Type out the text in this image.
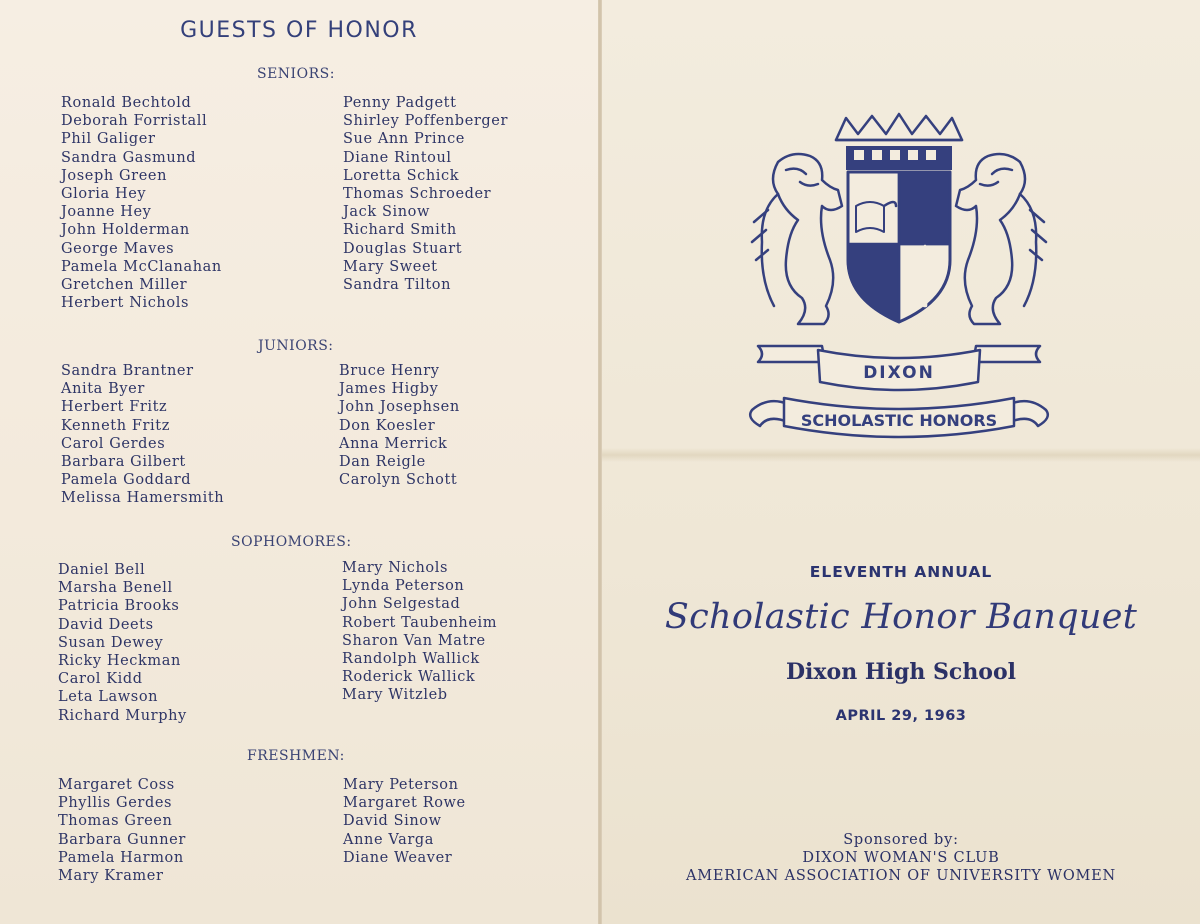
GUESTS OF HONOR
SENIORS:
Ronald Bechtold
Deborah Forristall
Phil Galiger
Sandra Gasmund
Joseph Green
Gloria Hey
Joanne Hey
John Holderman
George Maves
Pamela McClanahan
Gretchen Miller
Herbert Nichols
Penny Padgett
Shirley Poffenberger
Sue Ann Prince
Diane Rintoul
Loretta Schick
Thomas Schroeder
Jack Sinow
Richard Smith
Douglas Stuart
Mary Sweet
Sandra Tilton
JUNIORS:
Sandra Brantner
Anita Byer
Herbert Fritz
Kenneth Fritz
Carol Gerdes
Barbara Gilbert
Pamela Goddard
Melissa Hamersmith
Bruce Henry
James Higby
John Josephsen
Don Koesler
Anna Merrick
Dan Reigle
Carolyn Schott
SOPHOMORES:
Daniel Bell
Marsha Benell
Patricia Brooks
David Deets
Susan Dewey
Ricky Heckman
Carol Kidd
Leta Lawson
Richard Murphy
Mary Nichols
Lynda Peterson
John Selgestad
Robert Taubenheim
Sharon Van Matre
Randolph Wallick
Roderick Wallick
Mary Witzleb
FRESHMEN:
Margaret Coss
Phyllis Gerdes
Thomas Green
Barbara Gunner
Pamela Harmon
Mary Kramer
Mary Peterson
Margaret Rowe
David Sinow
Anne Varga
Diane Weaver
DIXON
SCHOLASTIC HONORS
ELEVENTH ANNUAL
Scholastic Honor Banquet
Dixon High School
APRIL 29, 1963
Sponsored by:
DIXON WOMAN'S CLUB
AMERICAN ASSOCIATION OF UNIVERSITY WOMEN
